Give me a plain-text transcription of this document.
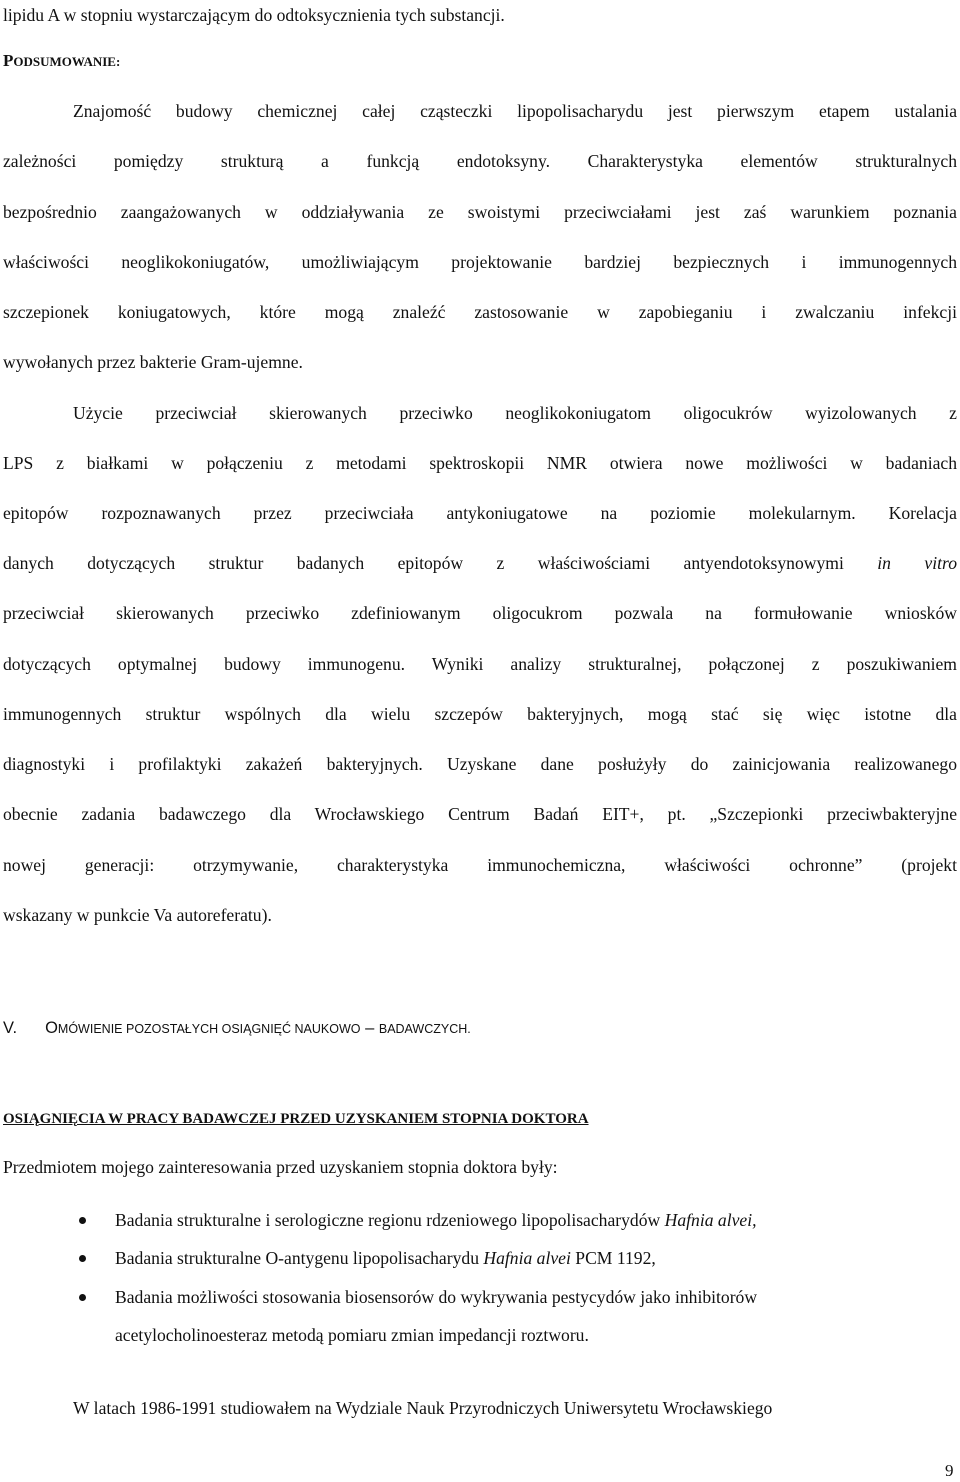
lipidu A w stopniu wystarczającym do odtoksycznienia tych substancji.
PODSUMOWANIE:
Znajomość budowy chemicznej całej cząsteczki lipopolisacharydu jest pierwszym etapem ustalania
zależności pomiędzy strukturą a funkcją endotoksyny. Charakterystyka elementów strukturalnych
bezpośrednio zaangażowanych w oddziaływania ze swoistymi przeciwciałami jest zaś warunkiem poznania
właściwości neoglikokoniugatów, umożliwiającym projektowanie bardziej bezpiecznych i immunogennych
szczepionek koniugatowych, które mogą znaleźć zastosowanie w zapobieganiu i zwalczaniu infekcji
wywołanych przez bakterie Gram-ujemne.
Użycie przeciwciał skierowanych przeciwko neoglikokoniugatom oligocukrów wyizolowanych z
LPS z białkami w połączeniu z metodami spektroskopii NMR otwiera nowe możliwości w badaniach
epitopów rozpoznawanych przez przeciwciała antykoniugatowe na poziomie molekularnym. Korelacja
danych dotyczących struktur badanych epitopów z właściwościami antyendotoksynowymi in vitro
przeciwciał skierowanych przeciwko zdefiniowanym oligocukrom pozwala na formułowanie wniosków
dotyczących optymalnej budowy immunogenu. Wyniki analizy strukturalnej, połączonej z poszukiwaniem
immunogennych struktur wspólnych dla wielu szczepów bakteryjnych, mogą stać się więc istotne dla
diagnostyki i profilaktyki zakażeń bakteryjnych. Uzyskane dane posłużyły do zainicjowania realizowanego
obecnie zadania badawczego dla Wrocławskiego Centrum Badań EIT+, pt. „Szczepionki przeciwbakteryjne
nowej generacji: otrzymywanie, charakterystyka immunochemiczna, właściwości ochronne” (projekt
wskazany w punkcie Va autoreferatu).
V. OMÓWIENIE POZOSTAŁYCH OSIĄGNIĘĆ NAUKOWO – BADAWCZYCH.
OSIĄGNIĘCIA W PRACY BADAWCZEJ PRZED UZYSKANIEM STOPNIA DOKTORA
Przedmiotem mojego zainteresowania przed uzyskaniem stopnia doktora były:
Badania strukturalne i serologiczne regionu rdzeniowego lipopolisacharydów Hafnia alvei,
Badania strukturalne O-antygenu lipopolisacharydu Hafnia alvei PCM 1192,
Badania możliwości stosowania biosensorów do wykrywania pestycydów jako inhibitorów
acetylocholinoesteraz metodą pomiaru zmian impedancji roztworu.
W latach 1986-1991 studiowałem na Wydziale Nauk Przyrodniczych Uniwersytetu Wrocławskiego
9
